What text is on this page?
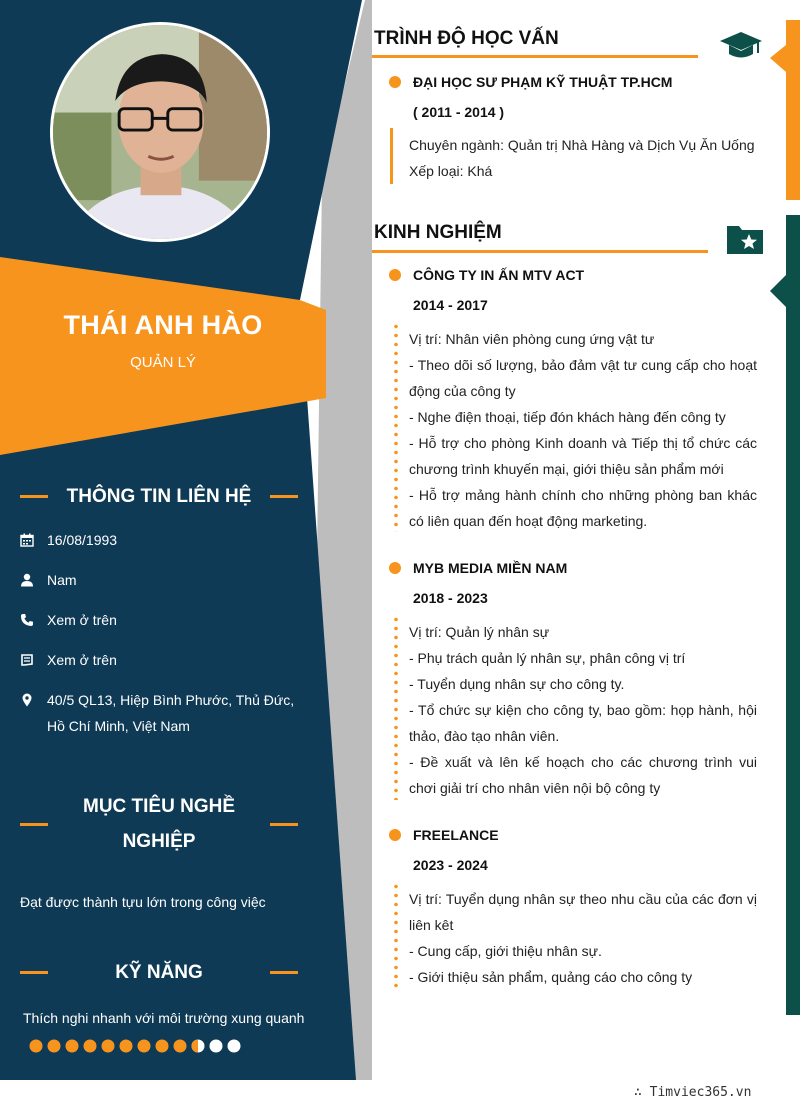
THÁI ANH HÀO
QUẢN LÝ
THÔNG TIN LIÊN HỆ
16/08/1993
Nam
Xem ở trên
Xem ở trên
40/5 QL13, Hiệp Bình Phước, Thủ Đức, Hồ Chí Minh, Việt Nam
MỤC TIÊU NGHỀ
NGHIỆP
Đạt được thành tựu lớn trong công việc
KỸ NĂNG
Thích nghi nhanh với môi trường xung quanh
TRÌNH ĐỘ HỌC VẤN
ĐẠI HỌC SƯ PHẠM KỸ THUẬT TP.HCM
( 2011 - 2014 )
Chuyên ngành: Quản trị Nhà Hàng và Dịch Vụ Ăn Uống
Xếp loại: Khá
KINH NGHIỆM
CÔNG TY IN ẤN MTV ACT
2014 - 2017
Vị trí: Nhân viên phòng cung ứng vật tư
- Theo dõi số lượng, bảo đảm vật tư cung cấp cho hoạt động của công ty
- Nghe điện thoại, tiếp đón khách hàng đến công ty
- Hỗ trợ cho phòng Kinh doanh và Tiếp thị tổ chức các chương trình khuyến mại, giới thiệu sản phẩm mới
- Hỗ trợ mảng hành chính cho những phòng ban khác có liên quan đến hoạt động marketing.
MYB MEDIA MIỀN NAM
2018 - 2023
Vị trí: Quản lý nhân sự
- Phụ trách quản lý nhân sự, phân công vị trí
- Tuyển dụng nhân sự cho công ty.
- Tổ chức sự kiện cho công ty, bao gồm: họp hành, hội thảo, đào tạo nhân viên.
- Đề xuất và lên kế hoạch cho các chương trình vui chơi giải trí cho nhân viên nội bộ công ty
FREELANCE
2023 - 2024
Vị trí: Tuyển dụng nhân sự theo nhu cầu của các đơn vị liên kêt
- Cung cấp, giới thiệu nhân sự.
- Giới thiệu sản phẩm, quảng cáo cho công ty
∴ Timviec365.vn
